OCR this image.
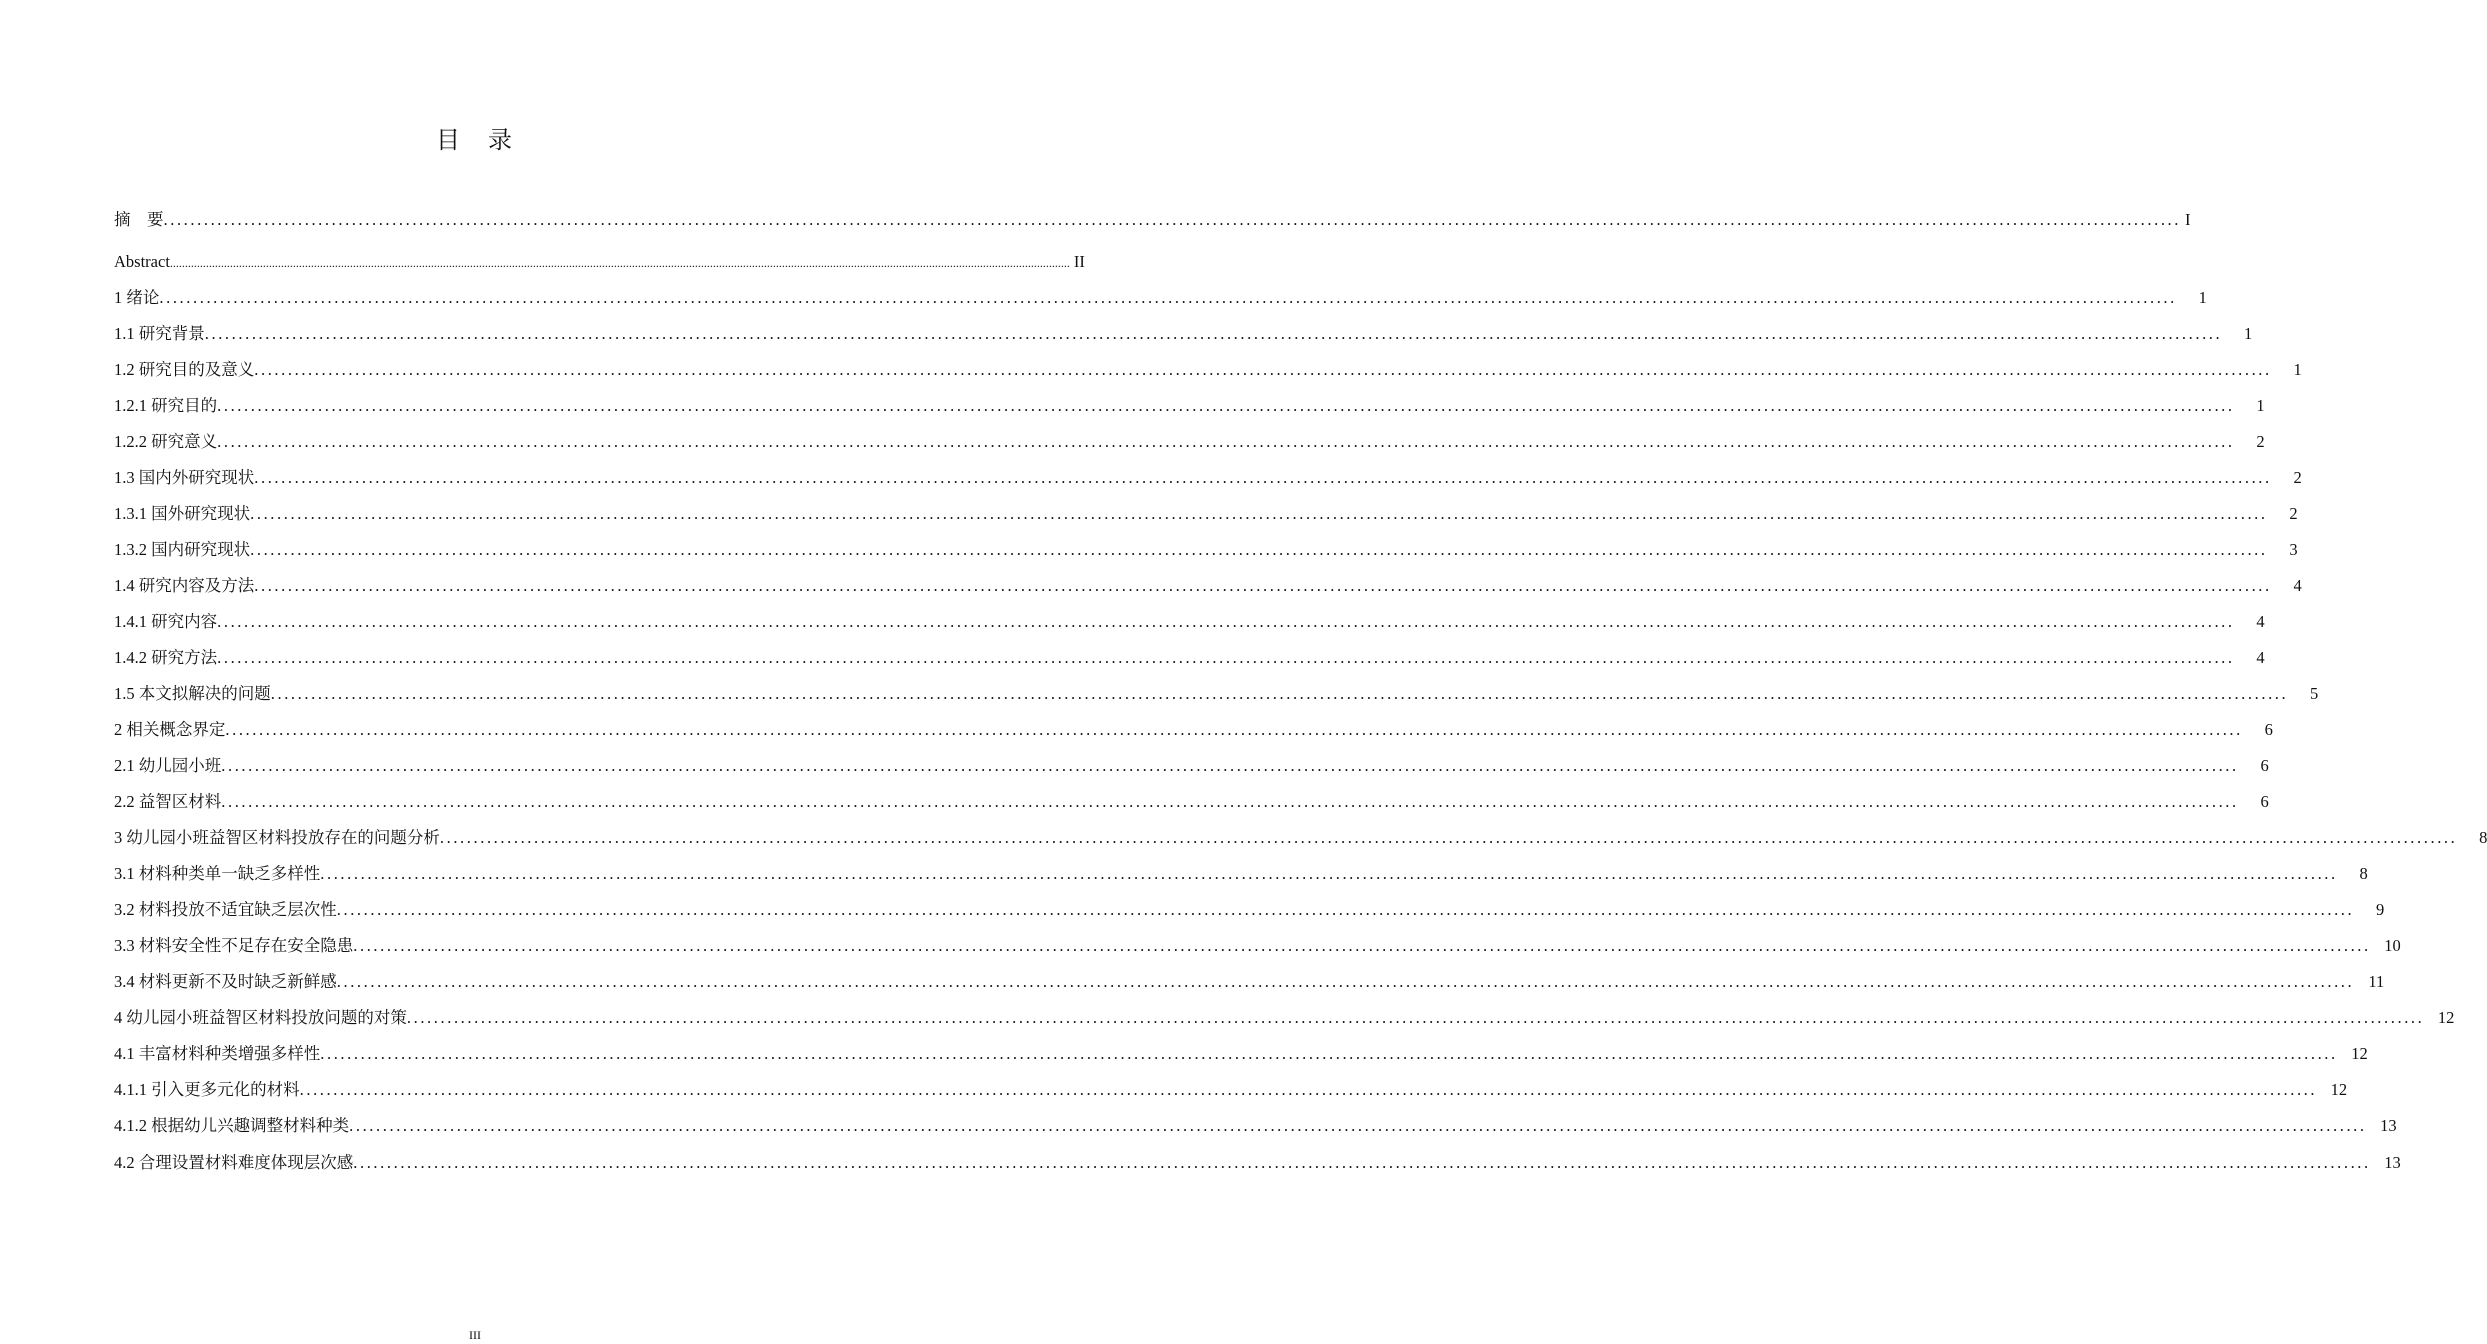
目 录
摘　要 ............................................................................................................................................................................................................................................................................................................ I
Abstract ............................................................................................................................................................................................................................................................................................................ II
1 绪论 ............................................................................................................................................................................................................................................................................................................	1
1.1 研究背景 ............................................................................................................................................................................................................................................................................................................	1
1.2 研究目的及意义 ............................................................................................................................................................................................................................................................................................................	1
1.2.1 研究目的 ............................................................................................................................................................................................................................................................................................................	1
1.2.2 研究意义 ............................................................................................................................................................................................................................................................................................................	2
1.3 国内外研究现状 ............................................................................................................................................................................................................................................................................................................	2
1.3.1 国外研究现状 ............................................................................................................................................................................................................................................................................................................	2
1.3.2 国内研究现状 ............................................................................................................................................................................................................................................................................................................	3
1.4 研究内容及方法 ............................................................................................................................................................................................................................................................................................................	4
1.4.1 研究内容 ............................................................................................................................................................................................................................................................................................................	4
1.4.2 研究方法 ............................................................................................................................................................................................................................................................................................................	4
1.5 本文拟解决的问题 ............................................................................................................................................................................................................................................................................................................	5
2 相关概念界定 ............................................................................................................................................................................................................................................................................................................	6
2.1 幼儿园小班 ............................................................................................................................................................................................................................................................................................................	6
2.2 益智区材料 ............................................................................................................................................................................................................................................................................................................	6
3 幼儿园小班益智区材料投放存在的问题分析 ............................................................................................................................................................................................................................................................................................................	8
3.1 材料种类单一缺乏多样性 ............................................................................................................................................................................................................................................................................................................	8
3.2 材料投放不适宜缺乏层次性 ............................................................................................................................................................................................................................................................................................................	9
3.3 材料安全性不足存在安全隐患 ............................................................................................................................................................................................................................................................................................................ 10
3.4 材料更新不及时缺乏新鲜感 ............................................................................................................................................................................................................................................................................................................ 11
4 幼儿园小班益智区材料投放问题的对策 ............................................................................................................................................................................................................................................................................................................ 12
4.1 丰富材料种类增强多样性 ............................................................................................................................................................................................................................................................................................................ 12
4.1.1 引入更多元化的材料 ............................................................................................................................................................................................................................................................................................................ 12
4.1.2 根据幼儿兴趣调整材料种类 ............................................................................................................................................................................................................................................................................................................ 13
4.2 合理设置材料难度体现层次感 ............................................................................................................................................................................................................................................................................................................ 13
III
